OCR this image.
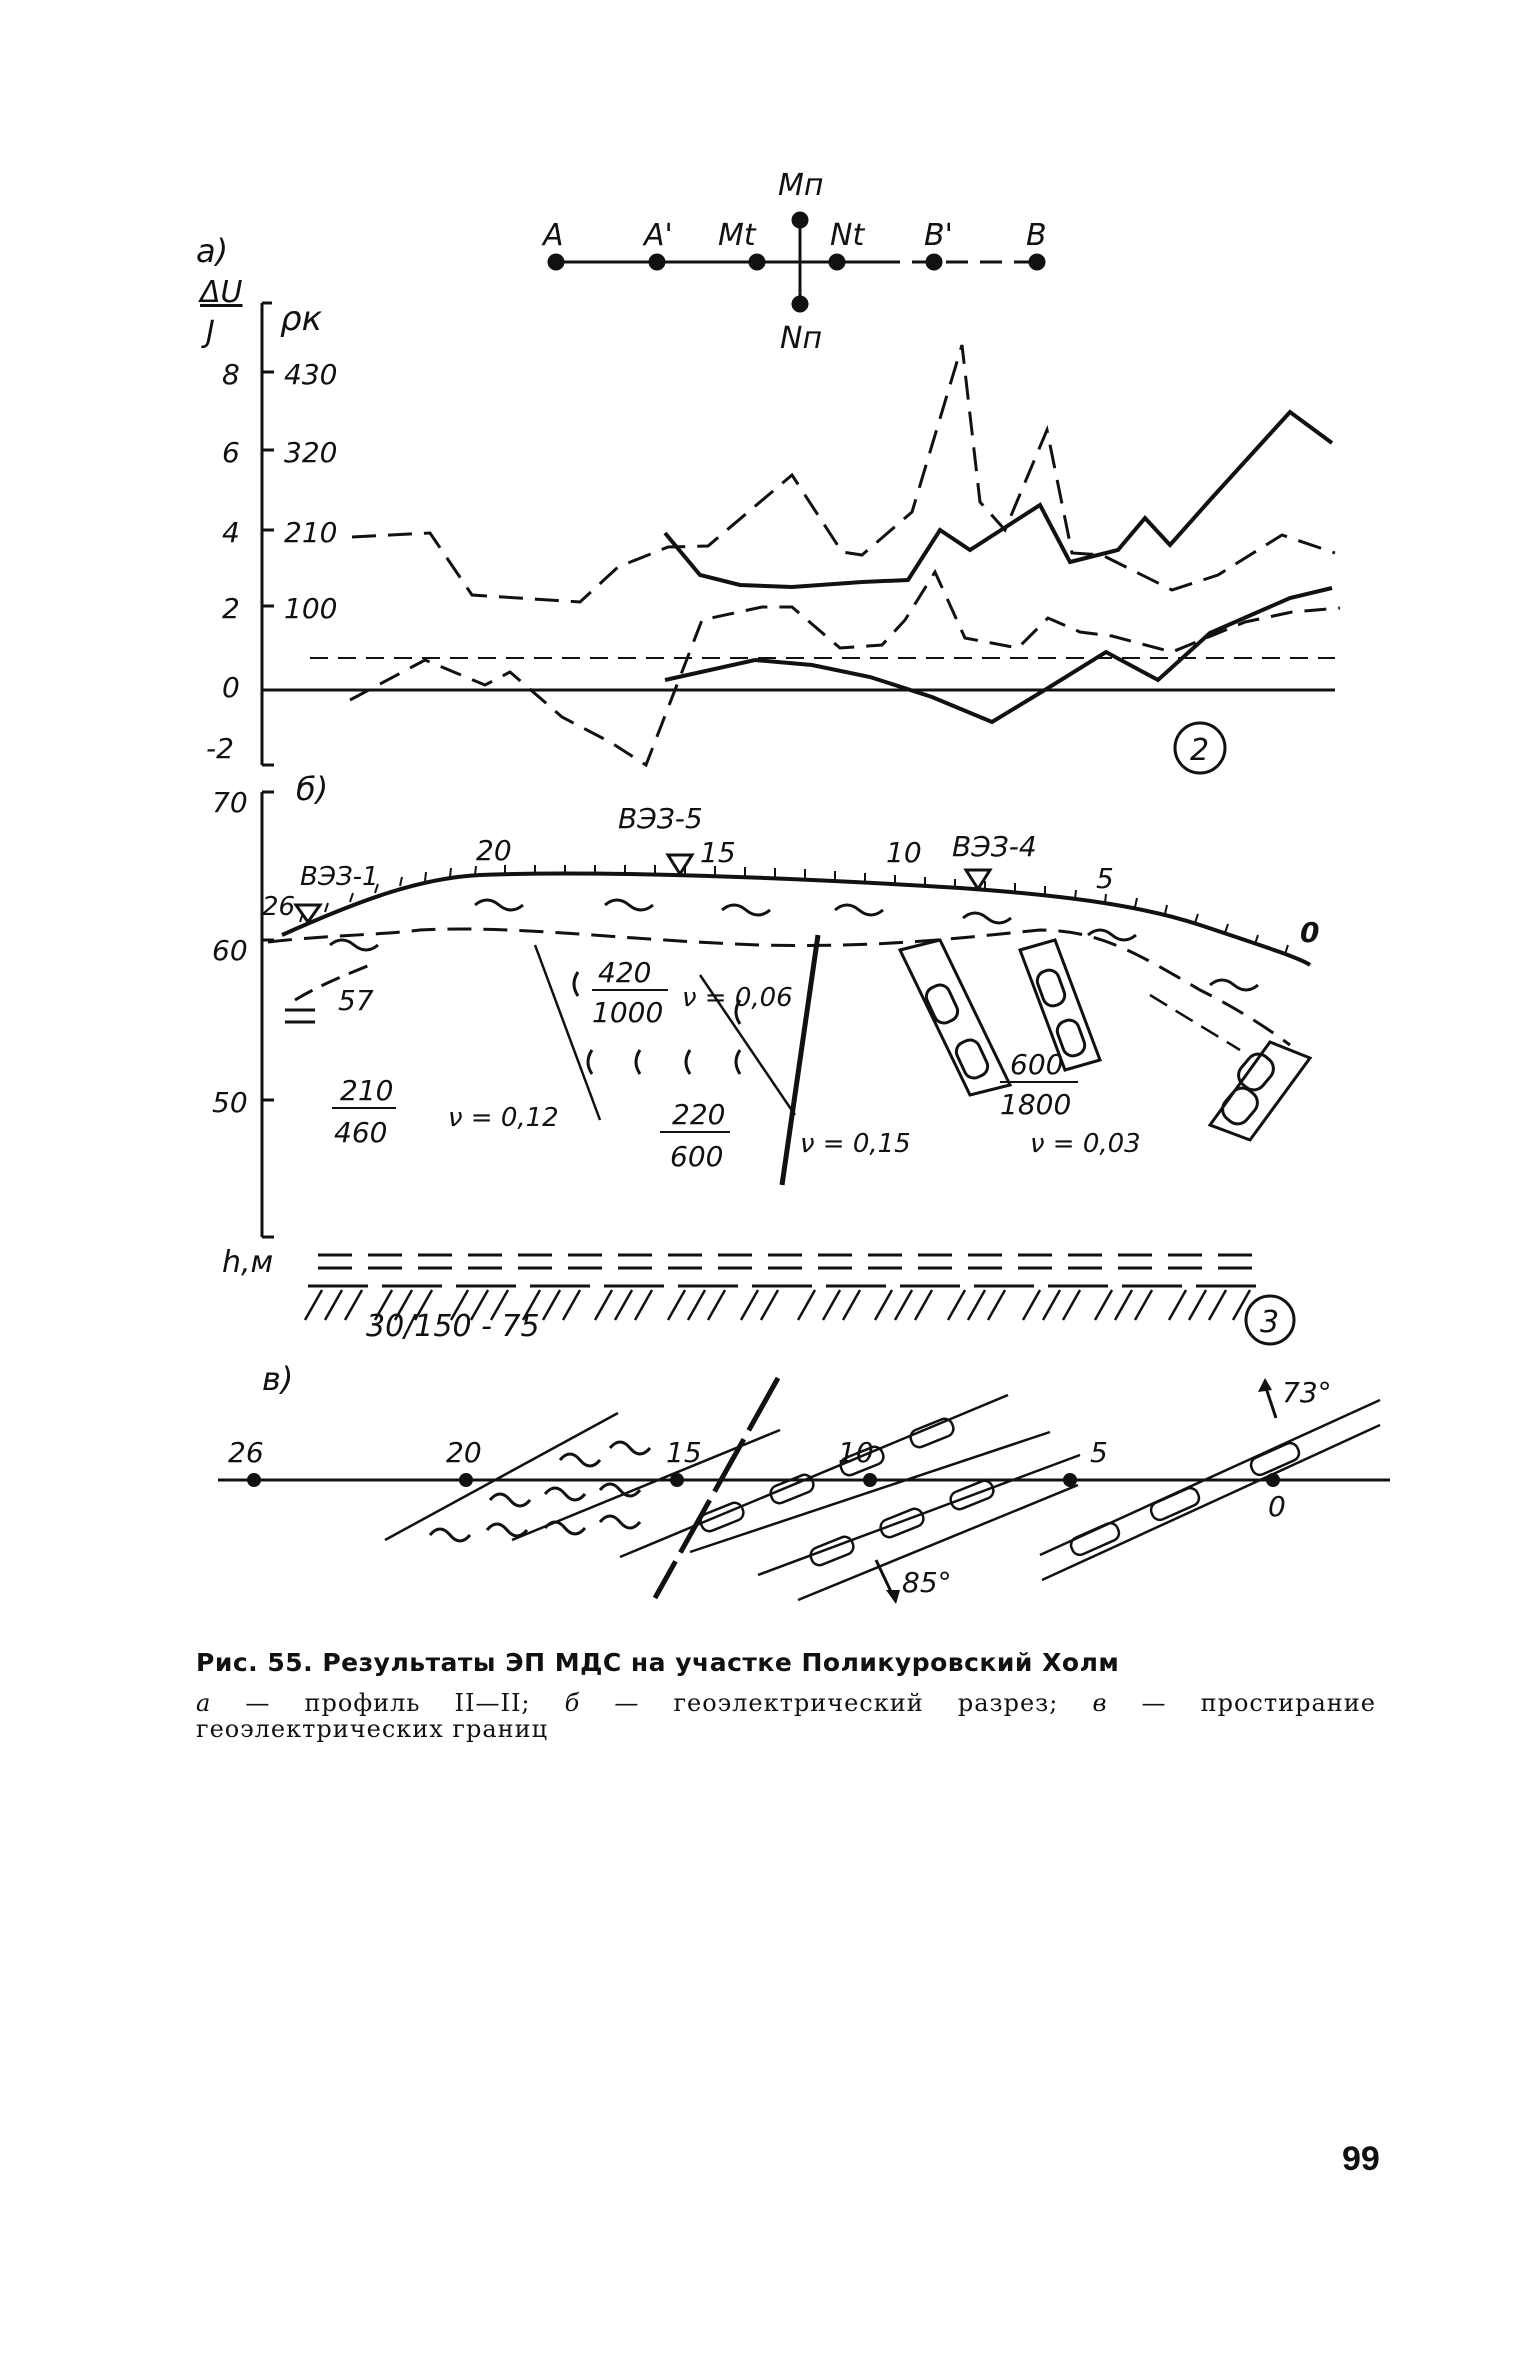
а)	A	A' Mt
Mп
Nt
Nп
B' B
ΔU
J
8
6
4
2
0
-2
ρк
430
320
210
100
2
б)
70
60
50
h,м
26
20	15	10
5
0
ВЭЗ-1
ВЭЗ-5
ВЭЗ-4
420
1000
210
460
220
600
600
1800
ν = 0,06
ν = 0,12
ν = 0,15	ν = 0,03
57
30/150 - 75	3
в)
26	20	15	10	5
0
73°
85°
Рис. 55. Результаты ЭП МДС на участке Поликуровский Холм
а — профиль II—II; б — геоэлектрический разрез; в — простирание геоэлектрических границ
99
